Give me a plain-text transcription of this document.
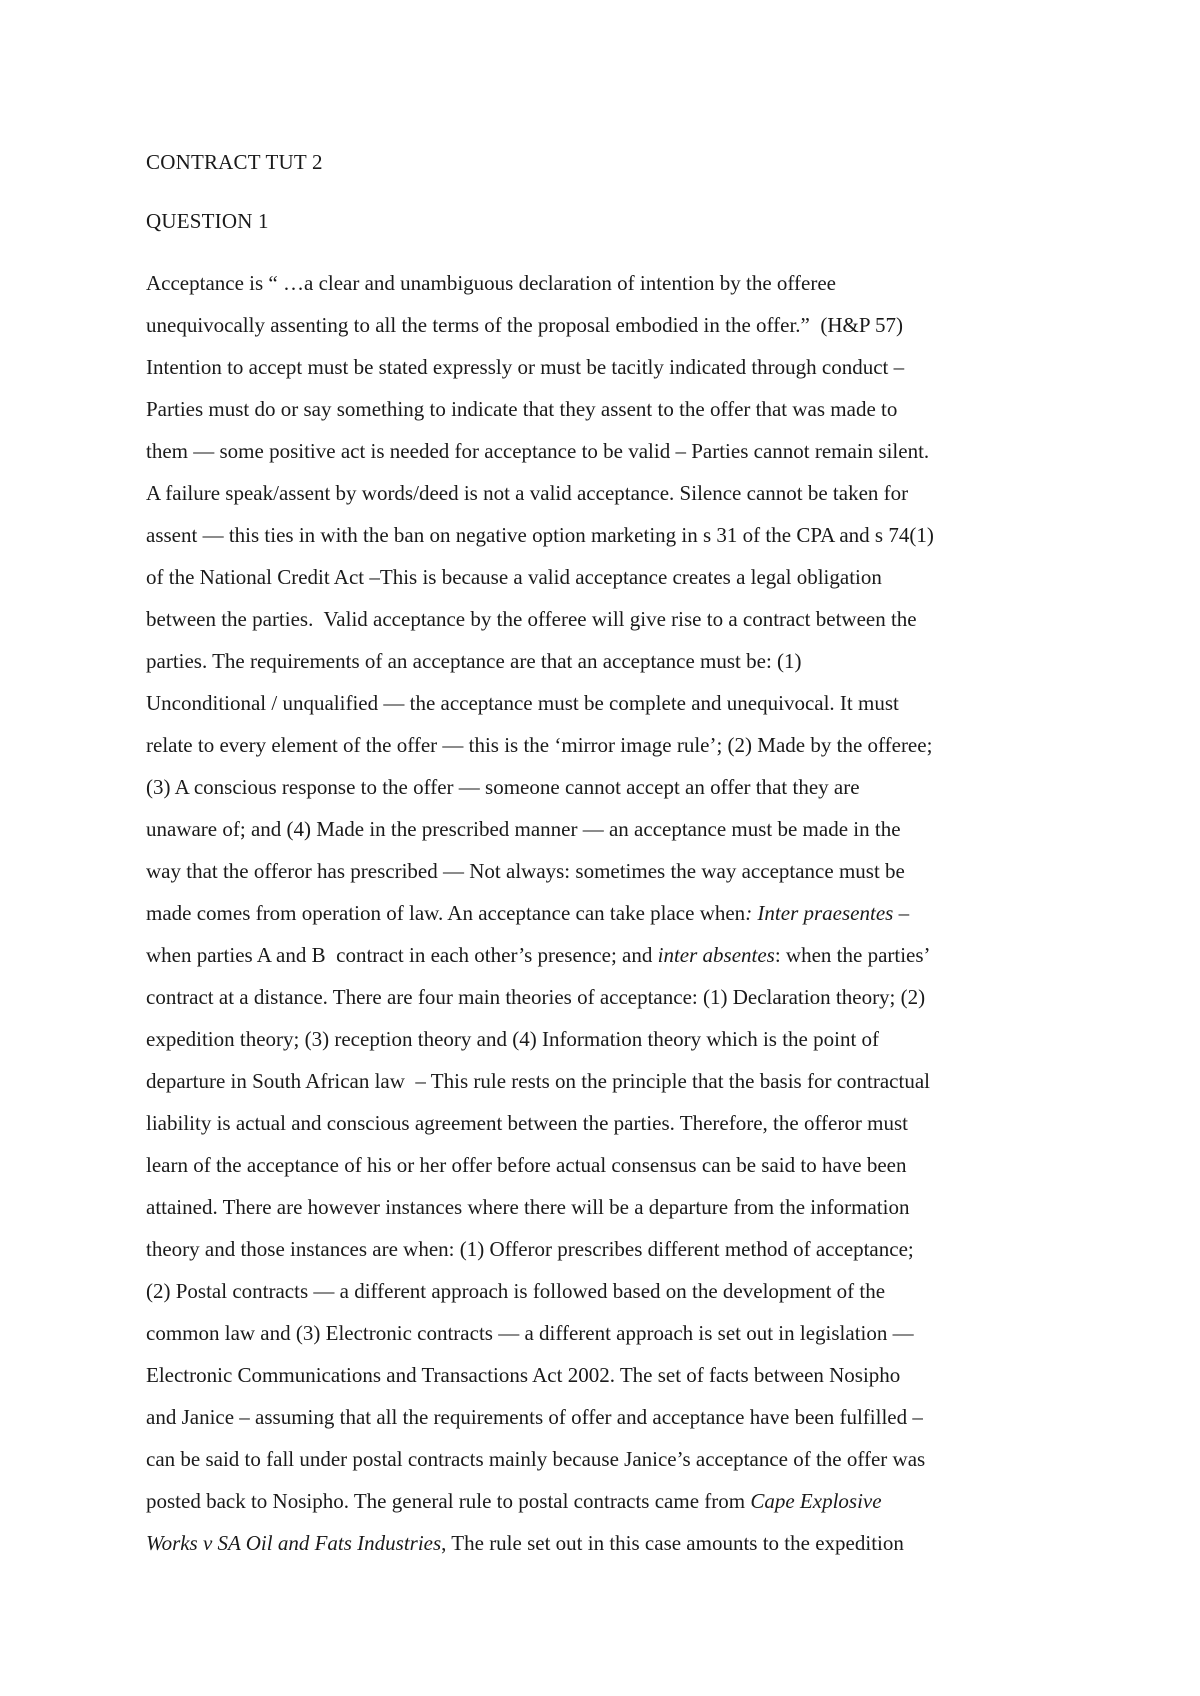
CONTRACT TUT 2
QUESTION 1
Acceptance is “ …a clear and unambiguous declaration of intention by the offeree
unequivocally assenting to all the terms of the proposal embodied in the offer.”  (H&P 57)
Intention to accept must be stated expressly or must be tacitly indicated through conduct –
Parties must do or say something to indicate that they assent to the offer that was made to
them — some positive act is needed for acceptance to be valid – Parties cannot remain silent.
A failure speak/assent by words/deed is not a valid acceptance. Silence cannot be taken for
assent — this ties in with the ban on negative option marketing in s 31 of the CPA and s 74(1)
of the National Credit Act –This is because a valid acceptance creates a legal obligation
between the parties.  Valid acceptance by the offeree will give rise to a contract between the
parties. The requirements of an acceptance are that an acceptance must be: (1)
Unconditional / unqualified — the acceptance must be complete and unequivocal. It must
relate to every element of the offer — this is the ‘mirror image rule’; (2) Made by the offeree;
(3) A conscious response to the offer — someone cannot accept an offer that they are
unaware of; and (4) Made in the prescribed manner — an acceptance must be made in the
way that the offeror has prescribed — Not always: sometimes the way acceptance must be
made comes from operation of law. An acceptance can take place when: Inter praesentes –
when parties A and B  contract in each other’s presence; and inter absentes: when the parties’
contract at a distance. There are four main theories of acceptance: (1) Declaration theory; (2)
expedition theory; (3) reception theory and (4) Information theory which is the point of
departure in South African law  – This rule rests on the principle that the basis for contractual
liability is actual and conscious agreement between the parties. Therefore, the offeror must
learn of the acceptance of his or her offer before actual consensus can be said to have been
attained. There are however instances where there will be a departure from the information
theory and those instances are when: (1) Offeror prescribes different method of acceptance;
(2) Postal contracts — a different approach is followed based on the development of the
common law and (3) Electronic contracts — a different approach is set out in legislation —
Electronic Communications and Transactions Act 2002. The set of facts between Nosipho
and Janice – assuming that all the requirements of offer and acceptance have been fulfilled –
can be said to fall under postal contracts mainly because Janice’s acceptance of the offer was
posted back to Nosipho. The general rule to postal contracts came from Cape Explosive
Works v SA Oil and Fats Industries, The rule set out in this case amounts to the expedition
